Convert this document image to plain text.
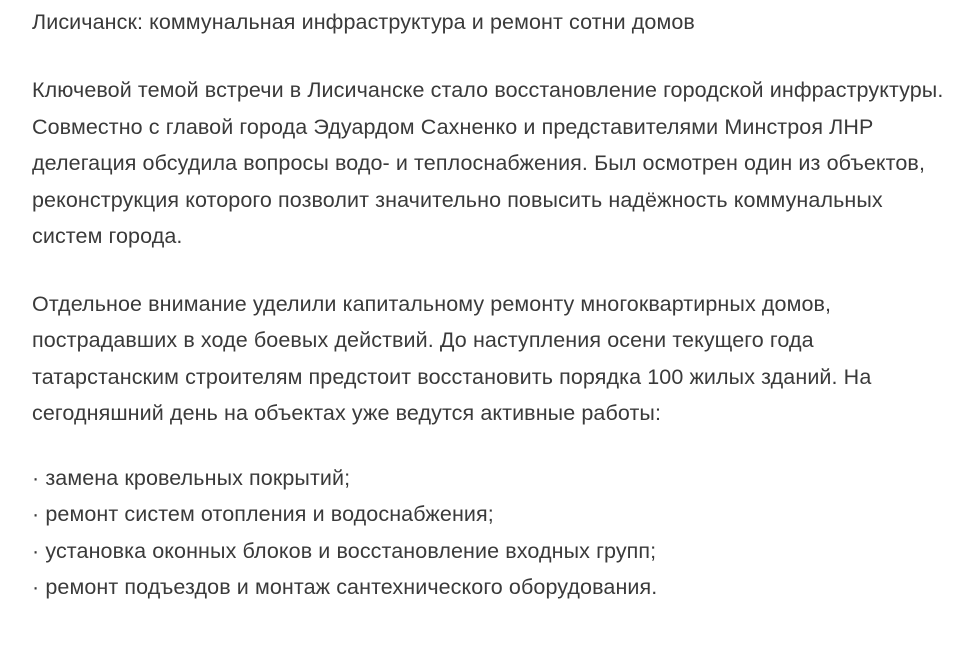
Лисичанск: коммунальная инфраструктура и ремонт сотни домов

Ключевой темой встречи в Лисичанске стало восстановление городской инфраструктуры. Совместно с главой города Эдуардом Сахненко и представителями Минстроя ЛНР делегация обсудила вопросы водо- и теплоснабжения. Был осмотрен один из объектов, реконструкция которого позволит значительно повысить надёжность коммунальных систем города.

Отдельное внимание уделили капитальному ремонту многоквартирных домов, пострадавших в ходе боевых действий. До наступления осени текущего года татарстанским строителям предстоит восстановить порядка 100 жилых зданий. На сегодняшний день на объектах уже ведутся активные работы:

· замена кровельных покрытий;
· ремонт систем отопления и водоснабжения;
· установка оконных блоков и восстановление входных групп;
· ремонт подъездов и монтаж сантехнического оборудования.
